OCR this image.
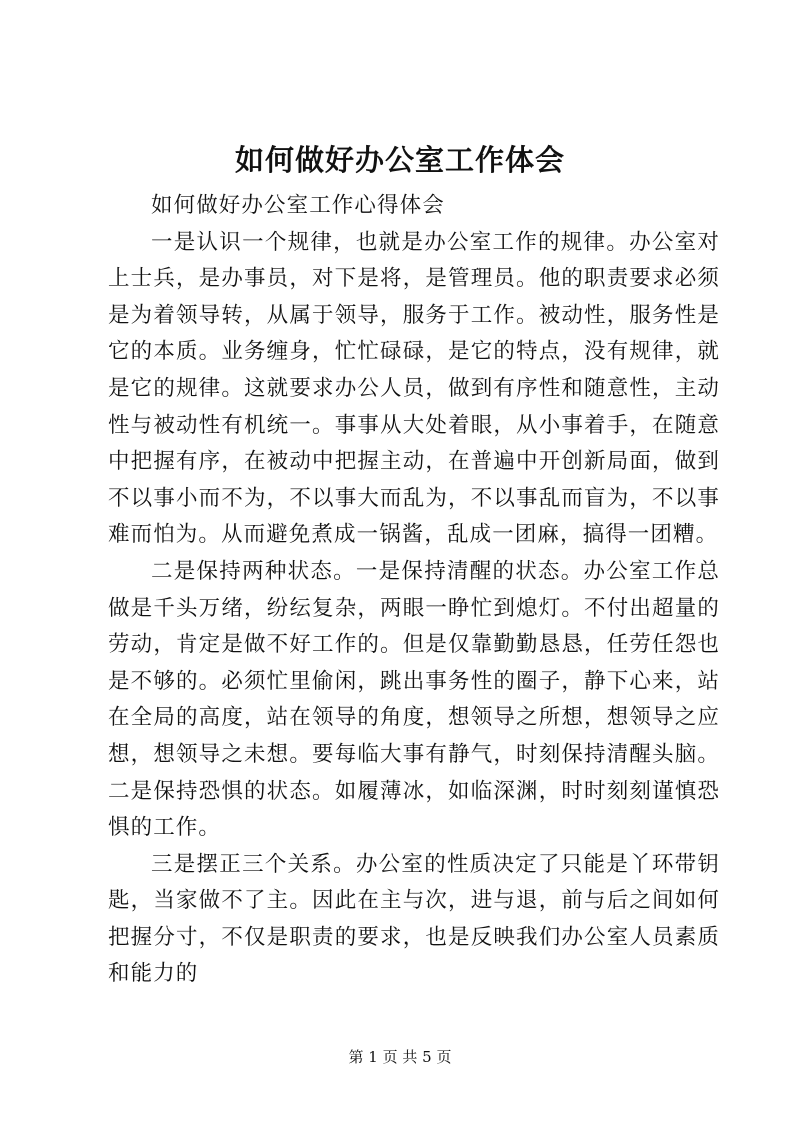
如何做好办公室工作体会

如何做好办公室工作心得体会

一是认识一个规律，也就是办公室工作的规律。办公室对上士兵，是办事员，对下是将，是管理员。他的职责要求必须是为着领导转，从属于领导，服务于工作。被动性，服务性是它的本质。业务缠身，忙忙碌碌，是它的特点，没有规律，就是它的规律。这就要求办公人员，做到有序性和随意性，主动性与被动性有机统一。事事从大处着眼，从小事着手，在随意中把握有序，在被动中把握主动，在普遍中开创新局面，做到不以事小而不为，不以事大而乱为，不以事乱而盲为，不以事难而怕为。从而避免煮成一锅酱，乱成一团麻，搞得一团糟。

二是保持两种状态。一是保持清醒的状态。办公室工作总做是千头万绪，纷纭复杂，两眼一睁忙到熄灯。不付出超量的劳动，肯定是做不好工作的。但是仅靠勤勤恳恳，任劳任怨也是不够的。必须忙里偷闲，跳出事务性的圈子，静下心来，站在全局的高度，站在领导的角度，想领导之所想，想领导之应想，想领导之未想。要每临大事有静气，时刻保持清醒头脑。二是保持恐惧的状态。如履薄冰，如临深渊，时时刻刻谨慎恐惧的工作。

三是摆正三个关系。办公室的性质决定了只能是丫环带钥匙，当家做不了主。因此在主与次，进与退，前与后之间如何把握分寸，不仅是职责的要求，也是反映我们办公室人员素质和能力的

第 1 页 共 5 页
